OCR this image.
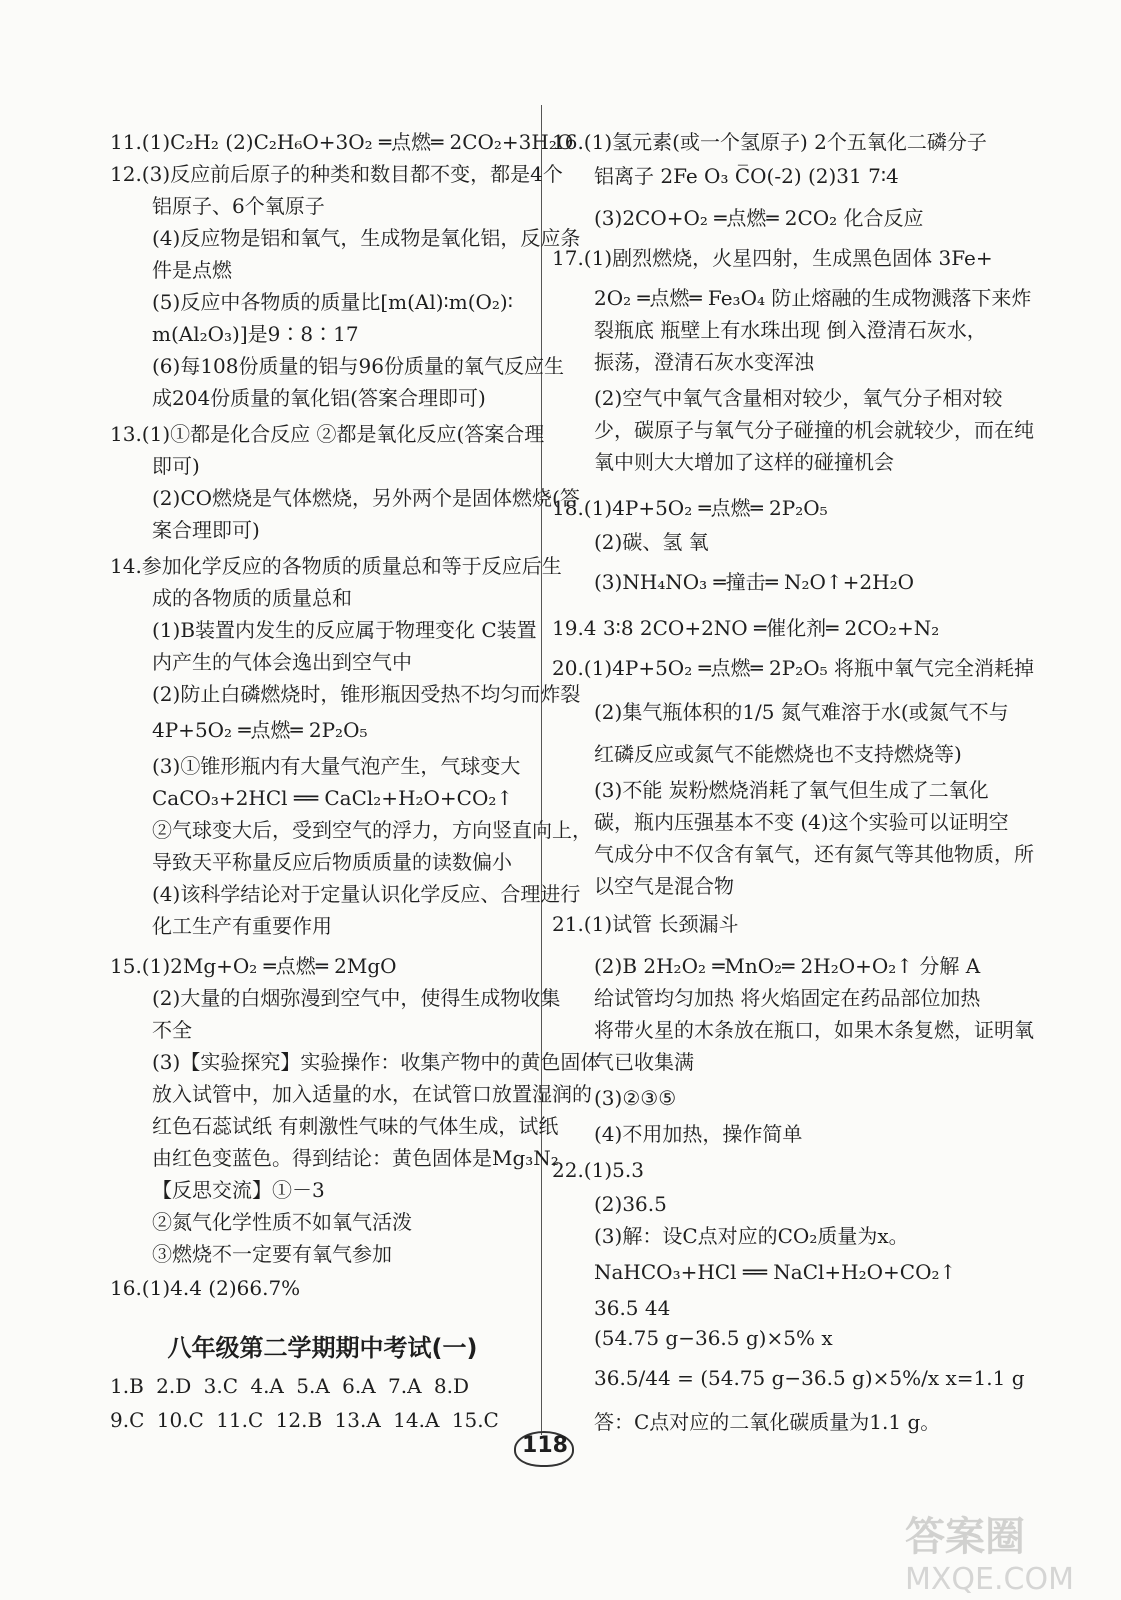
11.(1)C₂H₂ (2)C₂H₆O+3O₂ ═点燃═ 2CO₂+3H₂O
12.(3)反应前后原子的种类和数目都不变，都是4个
铝原子、6个氧原子
(4)反应物是铝和氧气，生成物是氧化铝，反应条
件是点燃
(5)反应中各物质的质量比[m(Al)∶m(O₂)∶
m(Al₂O₃)]是9∶8∶17
(6)每108份质量的铝与96份质量的氧气反应生
成204份质量的氧化铝(答案合理即可)
13.(1)①都是化合反应 ②都是氧化反应(答案合理
即可)
(2)CO燃烧是气体燃烧，另外两个是固体燃烧(答
案合理即可)
14.参加化学反应的各物质的质量总和等于反应后生
成的各物质的质量总和
(1)B装置内发生的反应属于物理变化 C装置
内产生的气体会逸出到空气中
(2)防止白磷燃烧时，锥形瓶因受热不均匀而炸裂
4P+5O₂ ═点燃═ 2P₂O₅
(3)①锥形瓶内有大量气泡产生，气球变大
CaCO₃+2HCl ══ CaCl₂+H₂O+CO₂↑
②气球变大后，受到空气的浮力，方向竖直向上，
导致天平称量反应后物质质量的读数偏小
(4)该科学结论对于定量认识化学反应、合理进行
化工生产有重要作用
15.(1)2Mg+O₂ ═点燃═ 2MgO
(2)大量的白烟弥漫到空气中，使得生成物收集
不全
(3)【实验探究】实验操作：收集产物中的黄色固体
放入试管中，加入适量的水，在试管口放置湿润的
红色石蕊试纸 有刺激性气味的气体生成，试纸
由红色变蓝色。得到结论：黄色固体是Mg₃N₂
【反思交流】①－3
②氮气化学性质不如氧气活泼
③燃烧不一定要有氧气参加
16.(1)4.4 (2)66.7%
八年级第二学期期中考试(一)
1.B 2.D 3.C 4.A 5.A 6.A 7.A 8.D
9.C 10.C 11.C 12.B 13.A 14.A 15.C
16.(1)氢元素(或一个氢原子) 2个五氧化二磷分子
铝离子 2Fe O₃ C̅O(-2) (2)31 7∶4
(3)2CO+O₂ ═点燃═ 2CO₂ 化合反应
17.(1)剧烈燃烧，火星四射，生成黑色固体 3Fe+
2O₂ ═点燃═ Fe₃O₄ 防止熔融的生成物溅落下来炸
裂瓶底 瓶壁上有水珠出现 倒入澄清石灰水，
振荡，澄清石灰水变浑浊
(2)空气中氧气含量相对较少，氧气分子相对较
少，碳原子与氧气分子碰撞的机会就较少，而在纯
氧中则大大增加了这样的碰撞机会
18.(1)4P+5O₂ ═点燃═ 2P₂O₅
(2)碳、氢 氧
(3)NH₄NO₃ ═撞击═ N₂O↑+2H₂O
19.4 3∶8 2CO+2NO ═催化剂═ 2CO₂+N₂
20.(1)4P+5O₂ ═点燃═ 2P₂O₅ 将瓶中氧气完全消耗掉
(2)集气瓶体积的1/5 氮气难溶于水(或氮气不与
红磷反应或氮气不能燃烧也不支持燃烧等)
(3)不能 炭粉燃烧消耗了氧气但生成了二氧化
碳，瓶内压强基本不变 (4)这个实验可以证明空
气成分中不仅含有氧气，还有氮气等其他物质，所
以空气是混合物
21.(1)试管 长颈漏斗
(2)B 2H₂O₂ ═MnO₂═ 2H₂O+O₂↑ 分解 A
给试管均匀加热 将火焰固定在药品部位加热
将带火星的木条放在瓶口，如果木条复燃，证明氧
气已收集满
(3)②③⑤
(4)不用加热，操作简单
22.(1)5.3
(2)36.5
(3)解：设C点对应的CO₂质量为x。
NaHCO₃+HCl ══ NaCl+H₂O+CO₂↑
36.5 44
(54.75 g−36.5 g)×5% x
36.5/44 = (54.75 g−36.5 g)×5%/x x=1.1 g
答：C点对应的二氧化碳质量为1.1 g。
118
答案圈
MXQE.COM
